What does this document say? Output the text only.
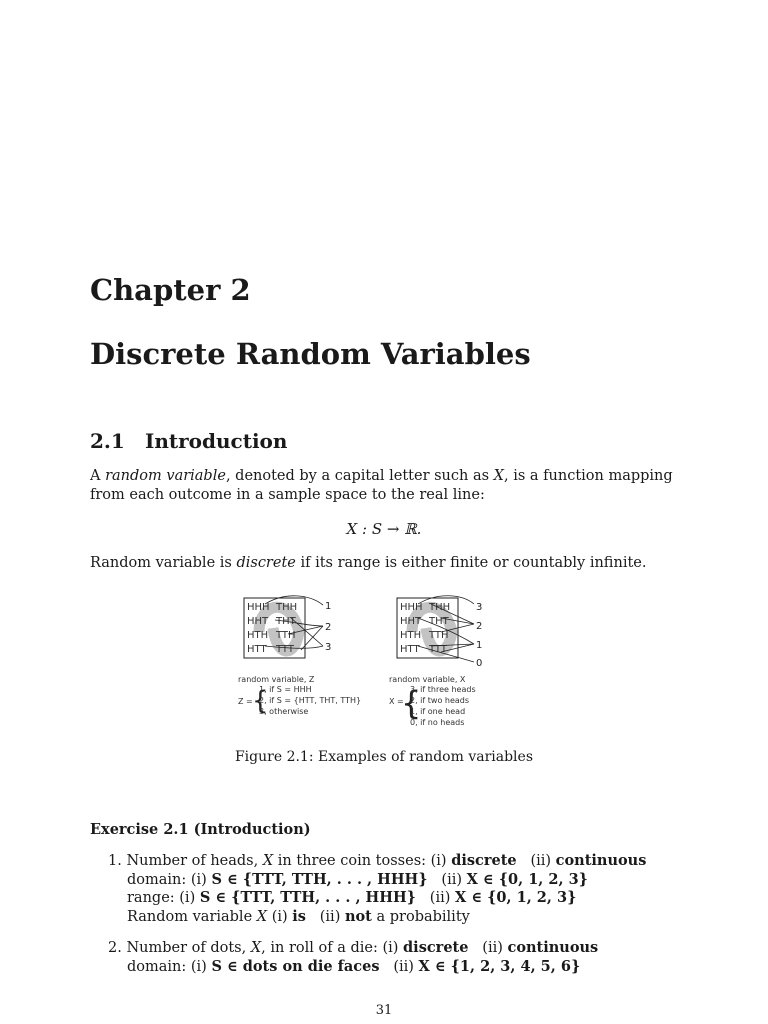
Chapter 2
Discrete Random Variables
2.1 Introduction

A random variable, denoted by a capital letter such as X, is a function mapping from each outcome in a sample space to the real line:

X : S → ℝ.

Random variable is discrete if its range is either finite or countably infinite.

HHH THH
HHT THT
HTH TTH
HTT TTT
1
2
3
random variable, Z
Z = {
1, if S = HHH
2, if S = {HTT, THT, TTH}
3, otherwise
HHH THH
HHT THT
HTH TTH
HTT TTT
3
2
1
0
random variable, X
X =
{
3, if three heads
2, if two heads
1, if one head
0, if no heads
Figure 2.1: Examples of random variables
Exercise 2.1 (Introduction)
1. Number of heads, X in three coin tosses: (i) discrete   (ii) continuous
domain: (i) S ∈ {TTT, TTH, . . . , HHH}   (ii) X ∈ {0, 1, 2, 3}
range: (i) S ∈ {TTT, TTH, . . . , HHH}   (ii) X ∈ {0, 1, 2, 3}
Random variable X (i) is   (ii) not a probability
2. Number of dots, X, in roll of a die: (i) discrete   (ii) continuous
domain: (i) S ∈ dots on die faces   (ii) X ∈ {1, 2, 3, 4, 5, 6}
31
